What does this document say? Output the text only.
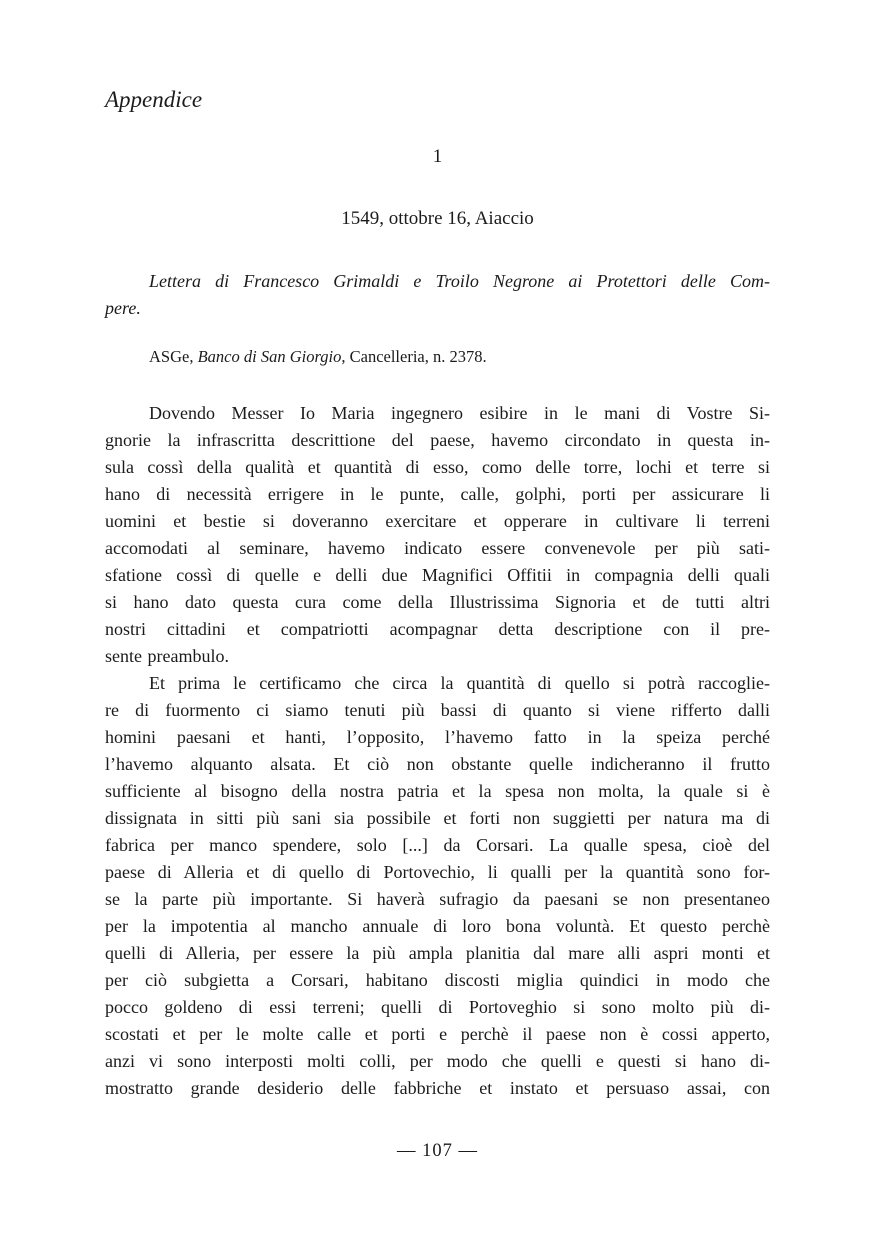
Appendice
1
1549, ottobre 16, Aiaccio
Lettera di Francesco Grimaldi e Troilo Negrone ai Protettori delle Com-
pere.
ASGe, Banco di San Giorgio, Cancelleria, n. 2378.
Dovendo Messer Io Maria ingegnero esibire in le mani di Vostre Si-
gnorie la infrascritta descrittione del paese, havemo circondato in questa in-
sula cossì della qualità et quantità di esso, como delle torre, lochi et terre si
hano di necessità errigere in le punte, calle, golphi, porti per assicurare li
uomini et bestie si doveranno exercitare et opperare in cultivare li terreni
accomodati al seminare, havemo indicato essere convenevole per più sati-
sfatione cossì di quelle e delli due Magnifici Offitii in compagnia delli quali
si hano dato questa cura come della Illustrissima Signoria et de tutti altri
nostri cittadini et compatriotti acompagnar detta descriptione con il pre-
sente preambulo.
Et prima le certificamo che circa la quantità di quello si potrà raccoglie-
re di fuormento ci siamo tenuti più bassi di quanto si viene rifferto dalli
homini paesani et hanti, l’opposito, l’havemo fatto in la speiza perché
l’havemo alquanto alsata. Et ciò non obstante quelle indicheranno il frutto
sufficiente al bisogno della nostra patria et la spesa non molta, la quale si è
dissignata in sitti più sani sia possibile et forti non suggietti per natura ma di
fabrica per manco spendere, solo [...] da Corsari. La qualle spesa, cioè del
paese di Alleria et di quello di Portovechio, li qualli per la quantità sono for-
se la parte più importante. Si haverà sufragio da paesani se non presentaneo
per la impotentia al mancho annuale di loro bona voluntà. Et questo perchè
quelli di Alleria, per essere la più ampla planitia dal mare alli aspri monti et
per ciò subgietta a Corsari, habitano discosti miglia quindici in modo che
pocco goldeno di essi terreni; quelli di Portoveghio si sono molto più di-
scostati et per le molte calle et porti e perchè il paese non è cossi apperto,
anzi vi sono interposti molti colli, per modo che quelli e questi si hano di-
mostratto grande desiderio delle fabbriche et instato et persuaso assai, con
— 107 —
